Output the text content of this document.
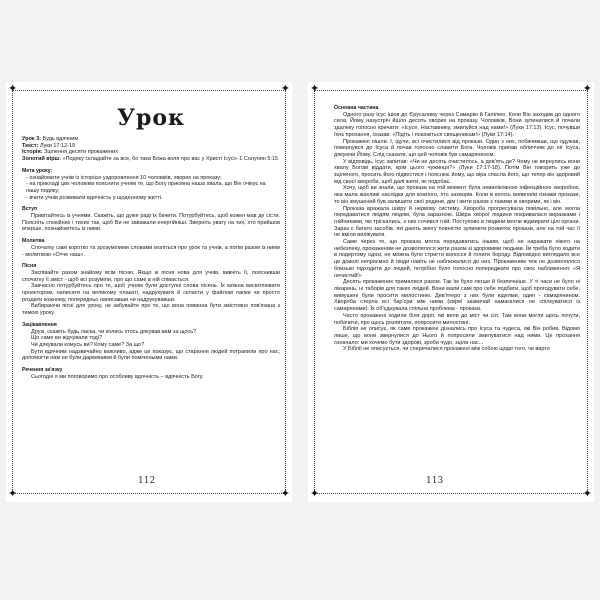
✦	✦
✦	✦
Урок
Урок 3: Будь вдячним
Текст: Луки 17:12-19
Історія: Зцілення десяти прокажених
Золотий вірш: «Подяку складайте за все, бо така Божа воля про вас у Христі Ісусі» 1 Солунян 5:15
Мета уроку:
- ознайомити учнів із історією уздоровлення 10 чоловіків, хворих на проказу;
- на прикладі цих чоловіків пояснити учням те, що Богу приємна наша хвала, що Він очікує на нашу подяку;
- вчити учнів розвивати вдячність у щоденному житті.
Вступ
Привітайтесь із учнями. Скажіть, що дуже раді їх бачити. Потурбуйтесь, щоб кожен мав де сісти. Поясніть спокійних і тихих так, щоб Ви не заважали енергійніші. Зверніть увагу на тих, хто прийшов вперше, познайомтесь із ними.
Молитва
Спочатку самі коротко та зрозумілими словами моліться про урок та учнів, а потім разом із ними - молитвою «Отче наш».
Пісня
Заспівайте разом знайому всім пісню. Якщо ж пісня нова для учнів, вивчіть її, пояснивши спочатку її зміст - щоб всі розуміли, про що саме в ній співається.
Завчасно потурбуйтесь про те, щоб учням були доступні слова пісень. Їх можна висвітлювати проектором, написати на великому плакаті, надрукувати й скласти у файлові папки чи просто роздати кожному, попередньо написавши чи надрукувавши.
Вибираючи пісні для уроку, не забувайте про те, що вона повинна бути змістовно пов'язана з темою уроку.
Зацікавлення
Друзі, скажіть будь ласка, чи колись хтось дякував вам за щось?
Що саме ви відчували тоді?
Чи дякували комусь ви? Кому саме? За що?
Бути вдячним надзвичайно важливо, адже це показує, що старання людей потрапили про нас, допомогти нам не були даремними й були помічеными нами.
Речення за'язку
Сьогодні я ми поговоримо про особливу вдячність – вдячність Богу.
112
✦	✦
✦	✦
Основна частина
Одного разу Ісус ішов до Єрусалиму через Самарію й Галілею. Коли Він заходив до одного села, Йому назустріч йшло десять хворих на проказу. Чоловіків. Вони зупинилися й почали здалеку голосно кричати: «Ісусе, Наставнику, змилуйся над нами!» (Луки 17:13). Ісус, почувши їхнє прохання, сказав: «Підіть і покажіться священикам!» (Луки 17:14).
Прокажені пішли. І, ідучи, всі очистилися від прокази. Один з них, побачивши, що одужав, повернувся до Ісуса й почав голосно славити Бога. Чоловік припав обличчям до ніг Ісуса, дякуючи Йому. Слід сказати, що цей чоловік був самарянином.
У відповідь, Ісус запитав: «Чи не десять очистилось, а дев'ять де? Чому не вернулись вони хвалу Богові віддати, крім цього чужинця?» (Луки 17:17-18). Потім Він говорить уже до зціленого, просить його підвестися і пояснює йому, що віра спасла його, що тепер він здоровий від своєї хвороби, щоб далі жити, як подобає.
Хочу, щоб ви знали, що проказа на той момент була невиліковною інфекційною хворобою, яка мала жахливі наслідки для кожного, хто захворів. Коли в когось виявляли ознаки прокази, то він змушений був залишити свої родини, дім і жити разом з такими ж хворими, як і він.
Проказа вражала шкіру й нервову систему. Хвороба прогресувала повільно, але могла передаватися людям людям, була заразною. Шкіра хворої людини покривалася виразками і гнійниками, які тріскались, з них сочився гній. Поступово в людини могли відмирати цілі органи. Зараз є багато засобів, які дають змогу повністю зупинити розвиток прокази, але на той час її не вміли вилікувати.
Саме через те, що проказа могла передаватись іншим, щоб не наражати нікого на небезпеку, прокаженим не дозволялося жити разом зі здоровими людьми. Їм треба було ходити в подертому одязі, не можна було стригти волосся й голити бороду. Відповідно виглядало все це доволі неприємно й люди навіть не наближалися до них. Прокаженим теж не дозволялося близько підходити до людей, потрібно було голосно попереджати про своє наближення: «Я нечистий!»
Десять прокажених трималися разом. Так їм було легше й безпечніше. У ті часи не було ні лікарень, ні таборів для таких людей. Вони мали самі про себе подбати, щоб прогодувати себе, вимушені були просити милостиню. Дев'ятеро з них були юдеями, один - самарянином. Хвороба стерла всі бар'єри між ними (євреї зазвичай намагалися не спілкуватися із самарянами). Їх об'єднувала спільна проблема - проказа.
Часто прокажені ходили біля доріг, які вели до міст чи сіл. Там вони могли щось почути, побачити, про щось розпитати, попросити милостині.
Біблія не описує, як саме прокажені дізнались про Ісуса та чудеса, які Він робив. Відомо лише, що вони звернулися до Нього й попросили змилуватися над ними. Це прохання означало: ми хочемо бути здорові, зроби чудо, зціли нас...
У Біблії не описується, чи сперечалися прокажені між собою щодо того, чи варто
113
